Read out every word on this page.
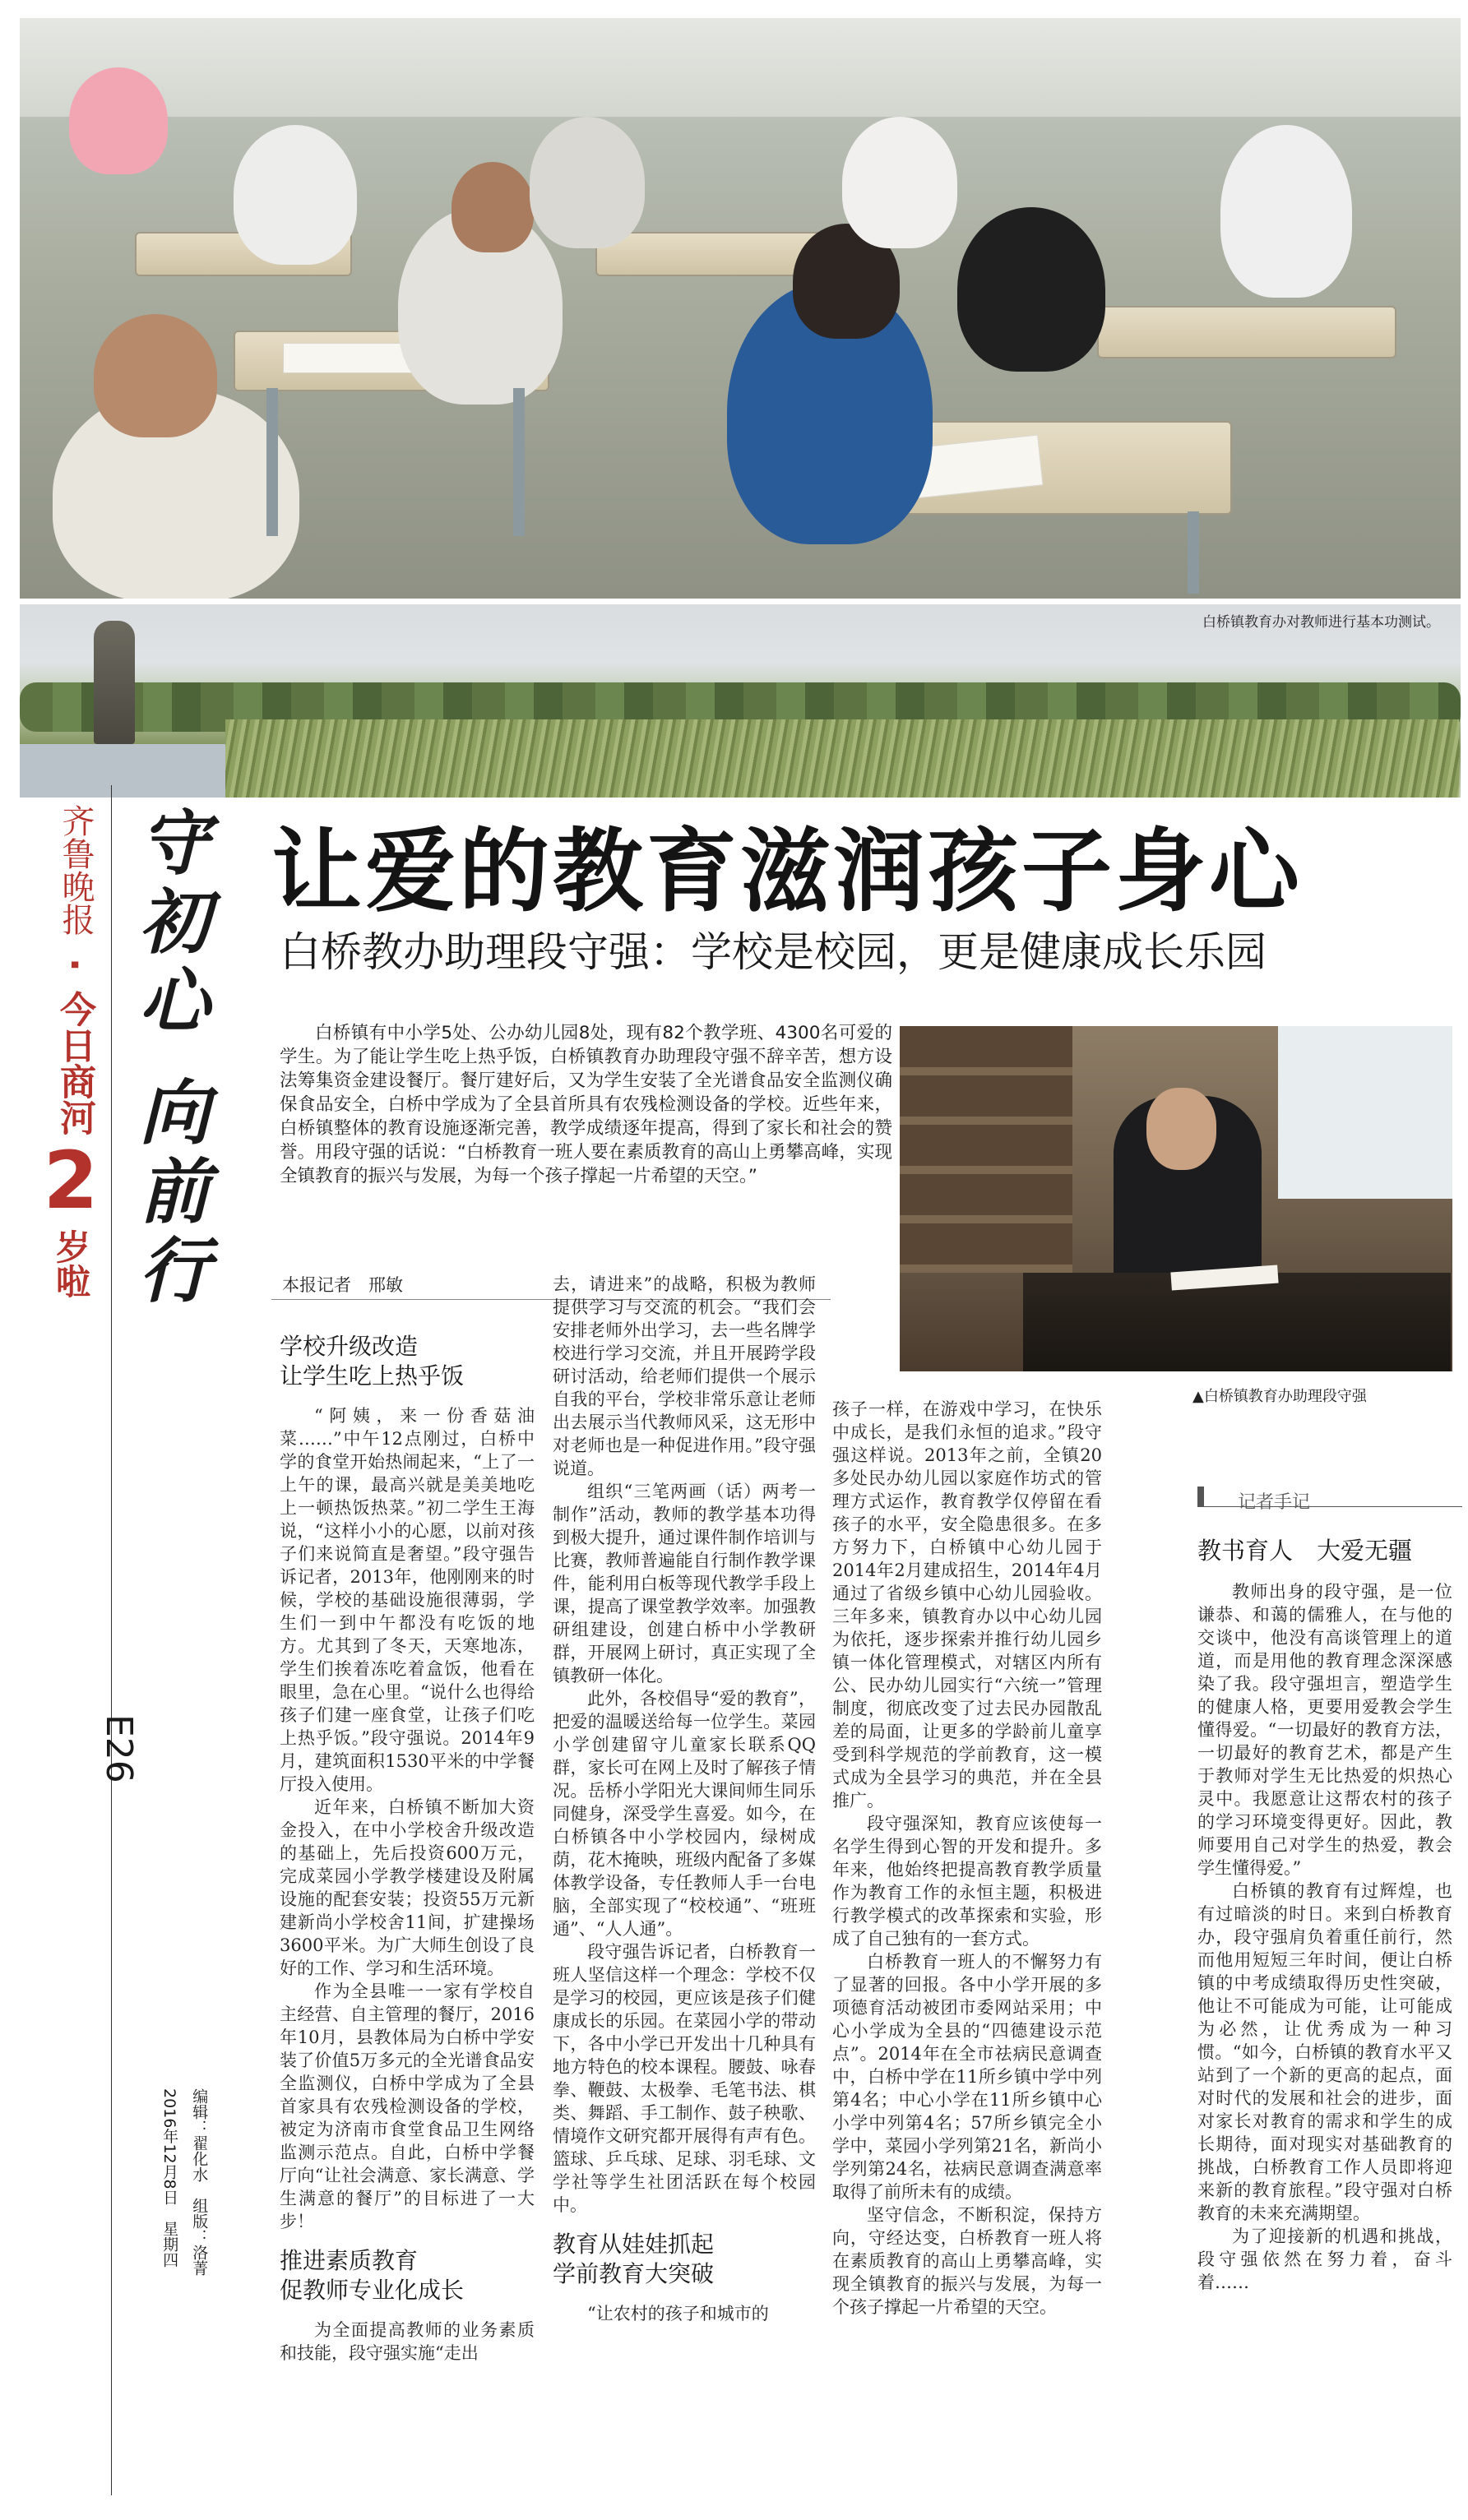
白桥镇教育办对教师进行基本功测试。
齐鲁晚报
·
今日商河
2
岁啦 守初心 向前行
E26
编辑：翟化水　组版：洛菁
2016年12月8日　星期四
让爱的教育滋润孩子身心
白桥教办助理段守强：学校是校园，更是健康成长乐园
白桥镇有中小学5处、公办幼儿园8处，现有82个教学班、4300名可爱的学生。为了能让学生吃上热乎饭，白桥镇教育办助理段守强不辞辛苦，想方设法筹集资金建设餐厅。餐厅建好后，又为学生安装了全光谱食品安全监测仪确保食品安全，白桥中学成为了全县首所具有农残检测设备的学校。近些年来，白桥镇整体的教育设施逐渐完善，教学成绩逐年提高，得到了家长和社会的赞誉。用段守强的话说：“白桥教育一班人要在素质教育的高山上勇攀高峰，实现全镇教育的振兴与发展，为每一个孩子撑起一片希望的天空。”
▲白桥镇教育办助理段守强
本报记者　邢敏
学校升级改造
让学生吃上热乎饭

“阿姨，来一份香菇油菜……”中午12点刚过，白桥中学的食堂开始热闹起来，“上了一上午的课，最高兴就是美美地吃上一顿热饭热菜。”初二学生王海说，“这样小小的心愿，以前对孩子们来说简直是奢望。”段守强告诉记者，2013年，他刚刚来的时候，学校的基础设施很薄弱，学生们一到中午都没有吃饭的地方。尤其到了冬天，天寒地冻，学生们挨着冻吃着盒饭，他看在眼里，急在心里。“说什么也得给孩子们建一座食堂，让孩子们吃上热乎饭。”段守强说。2014年9月，建筑面积1530平米的中学餐厅投入使用。

近年来，白桥镇不断加大资金投入，在中小学校舍升级改造的基础上，先后投资600万元，完成菜园小学教学楼建设及附属设施的配套安装；投资55万元新建新尚小学校舍11间，扩建操场3600平米。为广大师生创设了良好的工作、学习和生活环境。

作为全县唯一一家有学校自主经营、自主管理的餐厅，2016年10月，县教体局为白桥中学安装了价值5万多元的全光谱食品安全监测仪，白桥中学成为了全县首家具有农残检测设备的学校，被定为济南市食堂食品卫生网络监测示范点。自此，白桥中学餐厅向“让社会满意、家长满意、学生满意的餐厅”的目标进了一大步！

推进素质教育
促教师专业化成长

为全面提高教师的业务素质和技能，段守强实施“走出

去，请进来”的战略，积极为教师提供学习与交流的机会。“我们会安排老师外出学习，去一些名牌学校进行学习交流，并且开展跨学段研讨活动，给老师们提供一个展示自我的平台，学校非常乐意让老师出去展示当代教师风采，这无形中对老师也是一种促进作用。”段守强说道。

组织“三笔两画（话）两考一制作”活动，教师的教学基本功得到极大提升，通过课件制作培训与比赛，教师普遍能自行制作教学课件，能利用白板等现代教学手段上课，提高了课堂教学效率。加强教研组建设，创建白桥中小学教研群，开展网上研讨，真正实现了全镇教研一体化。

此外，各校倡导“爱的教育”，把爱的温暖送给每一位学生。菜园小学创建留守儿童家长联系QQ群，家长可在网上及时了解孩子情况。岳桥小学阳光大课间师生同乐同健身，深受学生喜爱。如今，在白桥镇各中小学校园内，绿树成荫，花木掩映，班级内配备了多媒体教学设备，专任教师人手一台电脑，全部实现了“校校通”、“班班通”、“人人通”。

段守强告诉记者，白桥教育一班人坚信这样一个理念：学校不仅是学习的校园，更应该是孩子们健康成长的乐园。在菜园小学的带动下，各中小学已开发出十几种具有地方特色的校本课程。腰鼓、咏春拳、鞭鼓、太极拳、毛笔书法、棋类、舞蹈、手工制作、鼓子秧歌、情境作文研究都开展得有声有色。篮球、乒乓球、足球、羽毛球、文学社等学生社团活跃在每个校园中。

教育从娃娃抓起
学前教育大突破

“让农村的孩子和城市的

孩子一样，在游戏中学习，在快乐中成长，是我们永恒的追求。”段守强这样说。2013年之前，全镇20多处民办幼儿园以家庭作坊式的管理方式运作，教育教学仅停留在看孩子的水平，安全隐患很多。在多方努力下，白桥镇中心幼儿园于2014年2月建成招生，2014年4月通过了省级乡镇中心幼儿园验收。三年多来，镇教育办以中心幼儿园为依托，逐步探索并推行幼儿园乡镇一体化管理模式，对辖区内所有公、民办幼儿园实行“六统一”管理制度，彻底改变了过去民办园散乱差的局面，让更多的学龄前儿童享受到科学规范的学前教育，这一模式成为全县学习的典范，并在全县推广。

段守强深知，教育应该使每一名学生得到心智的开发和提升。多年来，他始终把提高教育教学质量作为教育工作的永恒主题，积极进行教学模式的改革探索和实验，形成了自己独有的一套方式。

白桥教育一班人的不懈努力有了显著的回报。各中小学开展的多项德育活动被团市委网站采用；中心小学成为全县的“四德建设示范点”。2014年在全市祛病民意调查中，白桥中学在11所乡镇中学中列第4名；中心小学在11所乡镇中心小学中列第4名；57所乡镇完全小学中，菜园小学列第21名，新尚小学列第24名，祛病民意调查满意率取得了前所未有的成绩。

坚守信念，不断积淀，保持方向，守经达变，白桥教育一班人将在素质教育的高山上勇攀高峰，实现全镇教育的振兴与发展，为每一个孩子撑起一片希望的天空。

记者手记
教书育人　大爱无疆

教师出身的段守强，是一位谦恭、和蔼的儒雅人，在与他的交谈中，他没有高谈管理上的道道，而是用他的教育理念深深感染了我。段守强坦言，塑造学生的健康人格，更要用爱教会学生懂得爱。“一切最好的教育方法，一切最好的教育艺术，都是产生于教师对学生无比热爱的炽热心灵中。我愿意让这帮农村的孩子的学习环境变得更好。因此，教师要用自己对学生的热爱，教会学生懂得爱。”

白桥镇的教育有过辉煌，也有过暗淡的时日。来到白桥教育办，段守强肩负着重任前行，然而他用短短三年时间，便让白桥镇的中考成绩取得历史性突破，他让不可能成为可能，让可能成为必然，让优秀成为一种习惯。“如今，白桥镇的教育水平又站到了一个新的更高的起点，面对时代的发展和社会的进步，面对家长对教育的需求和学生的成长期待，面对现实对基础教育的挑战，白桥教育工作人员即将迎来新的教育旅程。”段守强对白桥教育的未来充满期望。

为了迎接新的机遇和挑战，段守强依然在努力着，奋斗着……
